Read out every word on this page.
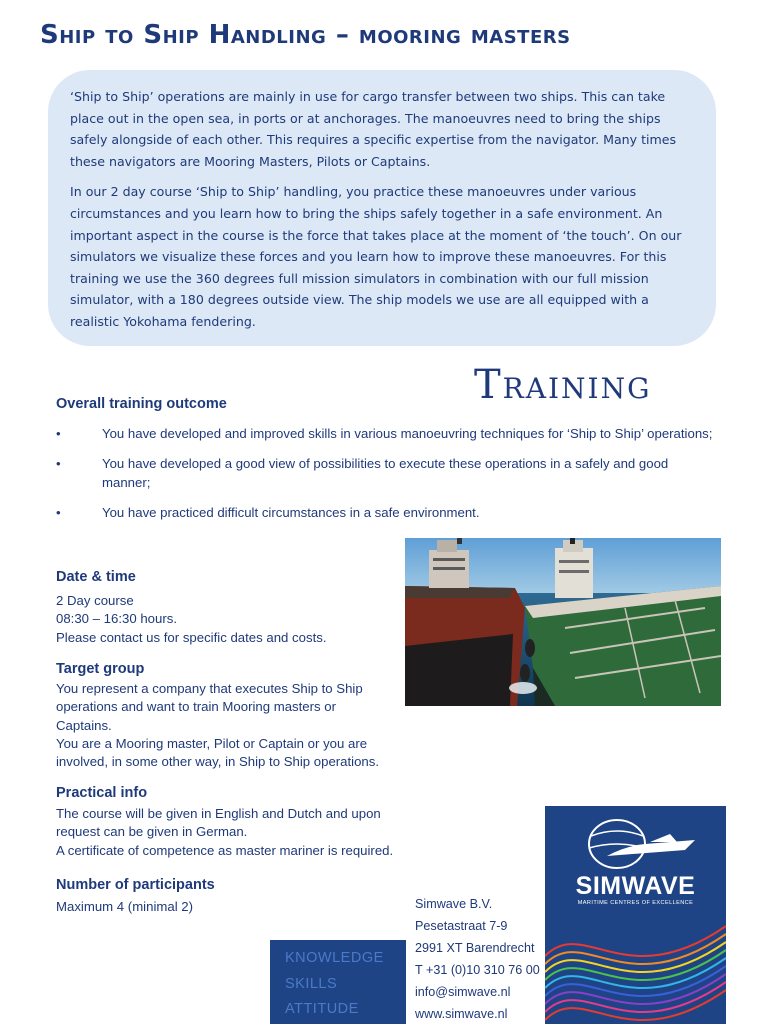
Ship to Ship Handling – mooring masters

‘Ship to Ship’ operations are mainly in use for cargo transfer between two ships. This can take place out in the open sea, in ports or at anchorages. The manoeuvres need to bring the ships safely alongside of each other. This requires a specific expertise from the navigator. Many times these navigators are Mooring Masters, Pilots or Captains.

In our 2 day course ‘Ship to Ship’ handling, you practice these manoeuvres under various circumstances and you learn how to bring the ships safely together in a safe environment. An important aspect in the course is the force that takes place at the moment of ‘the touch’. On our simulators we visualize these forces and you learn how to improve these manoeuvres. For this training we use the 360 degrees full mission simulators in combination with our full mission simulator, with a 180 degrees outside view. The ship models we use are all equipped with a realistic Yokohama fendering.

Training
Overall training outcome
•	You have developed and improved skills in various manoeuvring techniques for ‘Ship to Ship’ operations;
•	You have developed a good view of possibilities to execute these operations in a safely and good manner;
•	You have practiced difficult circumstances in a safe environment.
Date & time
2 Day course
08:30 – 16:30 hours.
Please contact us for specific dates and costs.
Target group
You represent a company that executes Ship to Ship
operations and want to train Mooring masters or
Captains.
You are a Mooring master, Pilot or Captain or you are
involved, in some other way, in Ship to Ship operations.
Practical info
The course will be given in English and Dutch and upon
request can be given in German.
A certificate of competence as master mariner is required.
Number of participants
Maximum 4 (minimal 2)	Simwave B.V.
Pesetastraat 7-9
2991 XT Barendrecht
T +31 (0)10 310 76 00
info@simwave.nl
www.simwave.nl
KNOWLEDGE
SKILLS
ATTITUDE
SIMWAVE
MARITIME CENTRES OF EXCELLENCE
